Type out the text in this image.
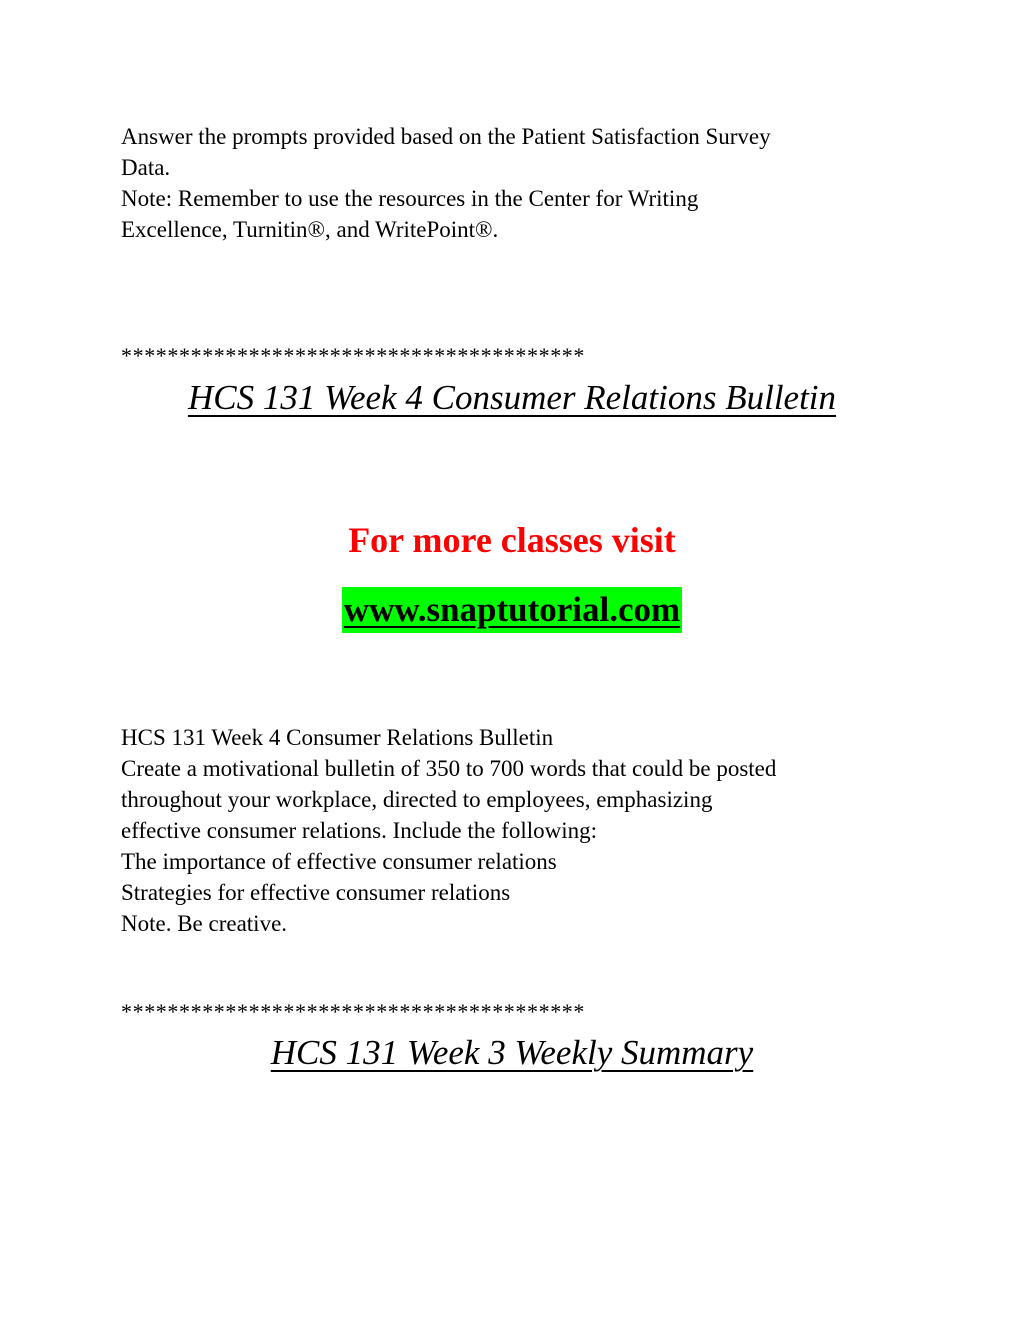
Answer the prompts provided based on the Patient Satisfaction Survey
Data.
Note: Remember to use the resources in the Center for Writing
Excellence, Turnitin®, and WritePoint®.
****************************************
HCS 131 Week 4 Consumer Relations Bulletin
For more classes visit
www.snaptutorial.com
HCS 131 Week 4 Consumer Relations Bulletin
Create a motivational bulletin of 350 to 700 words that could be posted
throughout your workplace, directed to employees, emphasizing
effective consumer relations. Include the following:
The importance of effective consumer relations
Strategies for effective consumer relations
Note. Be creative.
****************************************
HCS 131 Week 3 Weekly Summary
